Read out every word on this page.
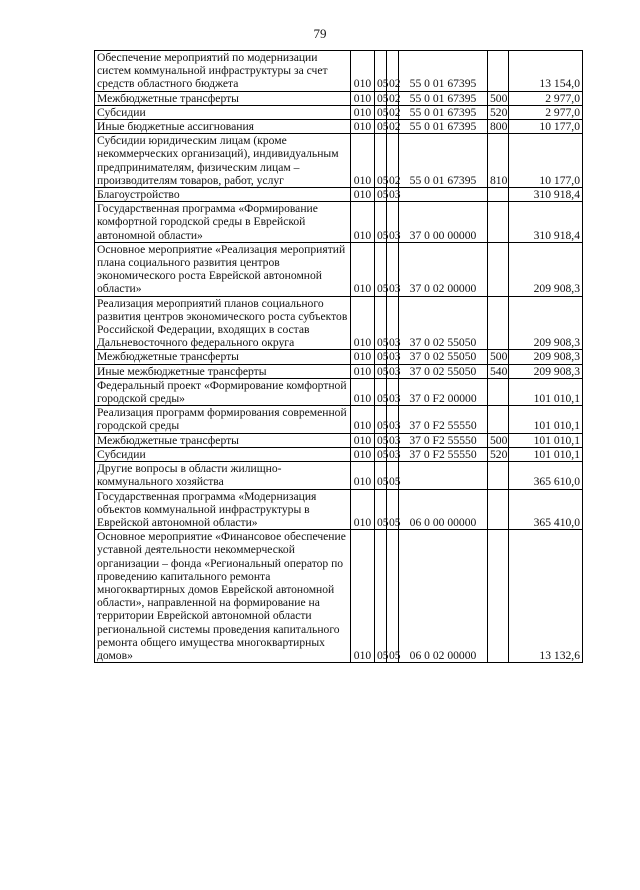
79
Обеспечение мероприятий по модернизации систем коммунальной инфраструктуры за счет средств областного бюджета	010	05	02	55 0 01 67395		13 154,0
Межбюджетные трансферты	010	05	02	55 0 01 67395	500	2 977,0
Субсидии	010	05	02	55 0 01 67395	520	2 977,0
Иные бюджетные ассигнования	010	05	02	55 0 01 67395	800	10 177,0
Субсидии юридическим лицам (кроме некоммерческих организаций), индивидуальным предпринимателям, физическим лицам – производителям товаров, работ, услуг	010	05	02	55 0 01 67395	810	10 177,0
Благоустройство	010	05	03			310 918,4
Государственная программа «Формирование комфортной городской среды в Еврейской автономной области»	010	05	03	37 0 00 00000		310 918,4
Основное мероприятие «Реализация мероприятий плана социального развития центров экономического роста Еврейской автономной области»	010	05	03	37 0 02 00000		209 908,3
Реализация мероприятий планов социального развития центров экономического роста субъектов Российской Федерации, входящих в состав Дальневосточного федерального округа	010	05	03	37 0 02 55050		209 908,3
Межбюджетные трансферты	010	05	03	37 0 02 55050	500	209 908,3
Иные межбюджетные трансферты	010	05	03	37 0 02 55050	540	209 908,3
Федеральный проект «Формирование комфортной городской среды»	010	05	03	37 0 F2 00000		101 010,1
Реализация программ формирования современной городской среды	010	05	03	37 0 F2 55550		101 010,1
Межбюджетные трансферты	010	05	03	37 0 F2 55550	500	101 010,1
Субсидии	010	05	03	37 0 F2 55550	520	101 010,1
Другие вопросы в области жилищно-коммунального хозяйства	010	05	05			365 610,0
Государственная программа «Модернизация объектов коммунальной инфраструктуры в Еврейской автономной области»	010	05	05	06 0 00 00000		365 410,0
Основное мероприятие «Финансовое обеспечение уставной деятельности некоммерческой организации – фонда «Региональный оператор по проведению капитального ремонта многоквартирных домов Еврейской автономной области», направленной на формирование на территории Еврейской автономной области региональной системы проведения капитального ремонта общего имущества многоквартирных домов»	010	05	05	06 0 02 00000		13 132,6
